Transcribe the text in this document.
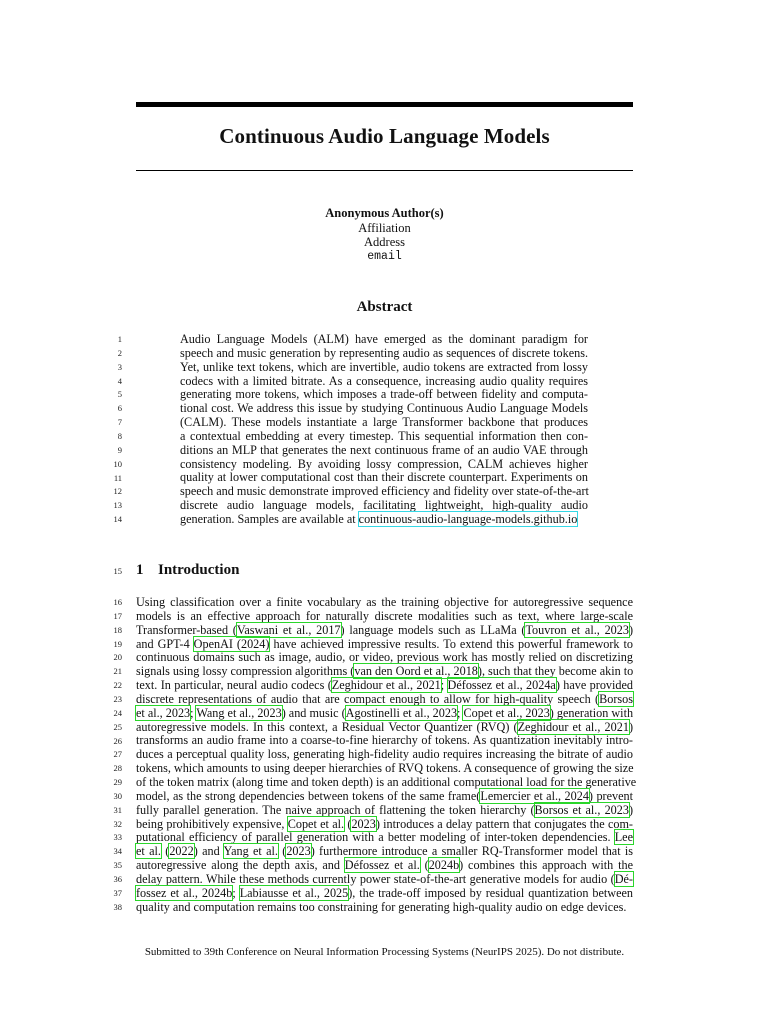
Continuous Audio Language Models
Anonymous Author(s)
Affiliation
Address
email
Abstract
Audio Language Models (ALM) have emerged as the dominant paradigm for
speech and music generation by representing audio as sequences of discrete tokens.
Yet, unlike text tokens, which are invertible, audio tokens are extracted from lossy
codecs with a limited bitrate. As a consequence, increasing audio quality requires
generating more tokens, which imposes a trade-off between fidelity and computa-
tional cost. We address this issue by studying Continuous Audio Language Models
(CALM). These models instantiate a large Transformer backbone that produces
a contextual embedding at every timestep. This sequential information then con-
ditions an MLP that generates the next continuous frame of an audio VAE through
consistency modeling. By avoiding lossy compression, CALM achieves higher
quality at lower computational cost than their discrete counterpart. Experiments on
speech and music demonstrate improved efficiency and fidelity over state-of-the-art
discrete audio language models, facilitating lightweight, high-quality audio
generation. Samples are available at continuous-audio-language-models.github.io
1 Introduction
Using classification over a finite vocabulary as the training objective for autoregressive sequence
models is an effective approach for naturally discrete modalities such as text, where large-scale
Transformer-based (Vaswani et al., 2017) language models such as LLaMa (Touvron et al., 2023)
and GPT-4 OpenAI (2024) have achieved impressive results. To extend this powerful framework to
continuous domains such as image, audio, or video, previous work has mostly relied on discretizing
signals using lossy compression algorithms (van den Oord et al., 2018), such that they become akin to
text. In particular, neural audio codecs (Zeghidour et al., 2021; Défossez et al., 2024a) have provided
discrete representations of audio that are compact enough to allow for high-quality speech (Borsos
et al., 2023; Wang et al., 2023) and music (Agostinelli et al., 2023; Copet et al., 2023) generation with
autoregressive models. In this context, a Residual Vector Quantizer (RVQ) (Zeghidour et al., 2021)
transforms an audio frame into a coarse-to-fine hierarchy of tokens. As quantization inevitably intro-
duces a perceptual quality loss, generating high-fidelity audio requires increasing the bitrate of audio
tokens, which amounts to using deeper hierarchies of RVQ tokens. A consequence of growing the size
of the token matrix (along time and token depth) is an additional computational load for the generative
model, as the strong dependencies between tokens of the same frame(Lemercier et al., 2024) prevent
fully parallel generation. The naive approach of flattening the token hierarchy (Borsos et al., 2023)
being prohibitively expensive, Copet et al. (2023) introduces a delay pattern that conjugates the com-
putational efficiency of parallel generation with a better modeling of inter-token dependencies. Lee
et al. (2022) and Yang et al. (2023) furthermore introduce a smaller RQ-Transformer model that is
autoregressive along the depth axis, and Défossez et al. (2024b) combines this approach with the
delay pattern. While these methods currently power state-of-the-art generative models for audio (Dé-
fossez et al., 2024b; Labiausse et al., 2025), the trade-off imposed by residual quantization between
quality and computation remains too constraining for generating high-quality audio on edge devices.
Submitted to 39th Conference on Neural Information Processing Systems (NeurIPS 2025). Do not distribute.
1
2
3
4
5
6
7
8
9
10
11
12
13
14
15
16
17
18
19
20
21
22
23
24
25
26
27
28
29
30
31
32
33
34
35
36
37
38
